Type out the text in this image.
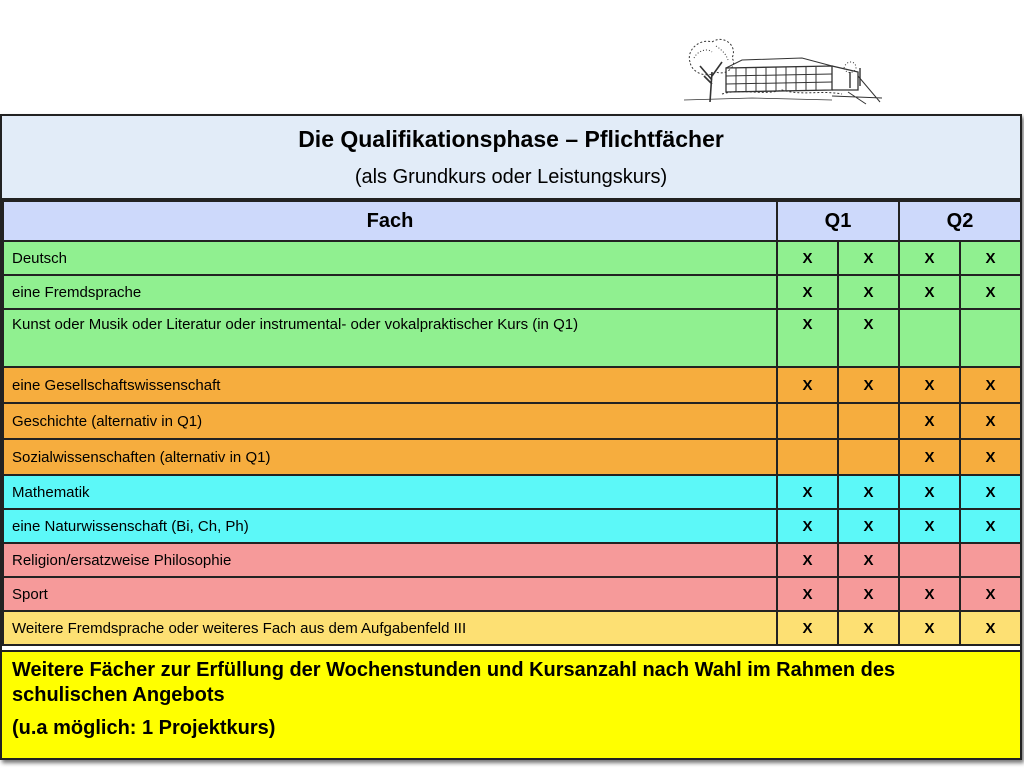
Die Qualifikationsphase – Pflichtfächer
(als Grundkurs oder Leistungskurs)
Fach	Q1		Q2	
Deutsch	X	X	X	X
eine Fremdsprache	X	X	X	X
Kunst oder Musik oder Literatur oder instrumental- oder vokalpraktischer Kurs (in Q1)	X	X		
eine Gesellschaftswissenschaft	X	X	X	X
Geschichte (alternativ in Q1)			X	X
Sozialwissenschaften (alternativ in Q1)			X	X
Mathematik	X	X	X	X
eine Naturwissenschaft (Bi, Ch, Ph)	X	X	X	X
Religion/ersatzweise Philosophie	X	X		
Sport	X	X	X	X
Weitere Fremdsprache oder weiteres Fach aus dem Aufgabenfeld III	X	X	X	X

Weitere Fächer zur Erfüllung der Wochenstunden und Kursanzahl nach Wahl im Rahmen des schulischen Angebots

(u.a möglich: 1 Projektkurs)
